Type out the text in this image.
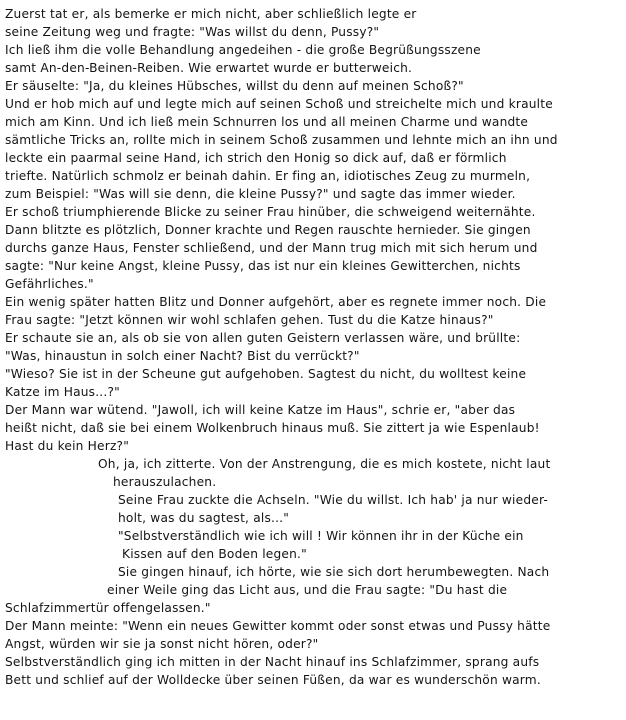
Zuerst tat er, als bemerke er mich nicht, aber schließlich legte er
seine Zeitung weg und fragte: "Was willst du denn, Pussy?"
Ich ließ ihm die volle Behandlung angedeihen - die große Begrüßungsszene
samt An-den-Beinen-Reiben. Wie erwartet wurde er butterweich.
Er säuselte: "Ja, du kleines Hübsches, willst du denn auf meinen Schoß?"
Und er hob mich auf und legte mich auf seinen Schoß und streichelte mich und kraulte
mich am Kinn. Und ich ließ mein Schnurren los und all meinen Charme und wandte
sämtliche Tricks an, rollte mich in seinem Schoß zusammen und lehnte mich an ihn und
leckte ein paarmal seine Hand, ich strich den Honig so dick auf, daß er förmlich
triefte. Natürlich schmolz er beinah dahin. Er fing an, idiotisches Zeug zu murmeln,
zum Beispiel: "Was will sie denn, die kleine Pussy?" und sagte das immer wieder.
Er schoß triumphierende Blicke zu seiner Frau hinüber, die schweigend weiternähte.
Dann blitzte es plötzlich, Donner krachte und Regen rauschte hernieder. Sie gingen
durchs ganze Haus, Fenster schließend, und der Mann trug mich mit sich herum und
sagte: "Nur keine Angst, kleine Pussy, das ist nur ein kleines Gewitterchen, nichts
Gefährliches."
Ein wenig später hatten Blitz und Donner aufgehört, aber es regnete immer noch. Die
Frau sagte: "Jetzt können wir wohl schlafen gehen. Tust du die Katze hinaus?"
Er schaute sie an, als ob sie von allen guten Geistern verlassen wäre, und brüllte:
"Was, hinaustun in solch einer Nacht? Bist du verrückt?"
"Wieso? Sie ist in der Scheune gut aufgehoben. Sagtest du nicht, du wolltest keine
Katze im Haus...?"
Der Mann war wütend. "Jawoll, ich will keine Katze im Haus", schrie er, "aber das
heißt nicht, daß sie bei einem Wolkenbruch hinaus muß. Sie zittert ja wie Espenlaub!
Hast du kein Herz?"
Oh, ja, ich zitterte. Von der Anstrengung, die es mich kostete, nicht laut
herauszulachen.
Seine Frau zuckte die Achseln. "Wie du willst. Ich hab' ja nur wieder-
holt, was du sagtest, als..."
"Selbstverständlich wie ich will ! Wir können ihr in der Küche ein
Kissen auf den Boden legen."
Sie gingen hinauf, ich hörte, wie sie sich dort herumbewegten. Nach
einer Weile ging das Licht aus, und die Frau sagte: "Du hast die
Schlafzimmertür offengelassen."
Der Mann meinte: "Wenn ein neues Gewitter kommt oder sonst etwas und Pussy hätte
Angst, würden wir sie ja sonst nicht hören, oder?"
Selbstverständlich ging ich mitten in der Nacht hinauf ins Schlafzimmer, sprang aufs
Bett und schlief auf der Wolldecke über seinen Füßen, da war es wunderschön warm.
